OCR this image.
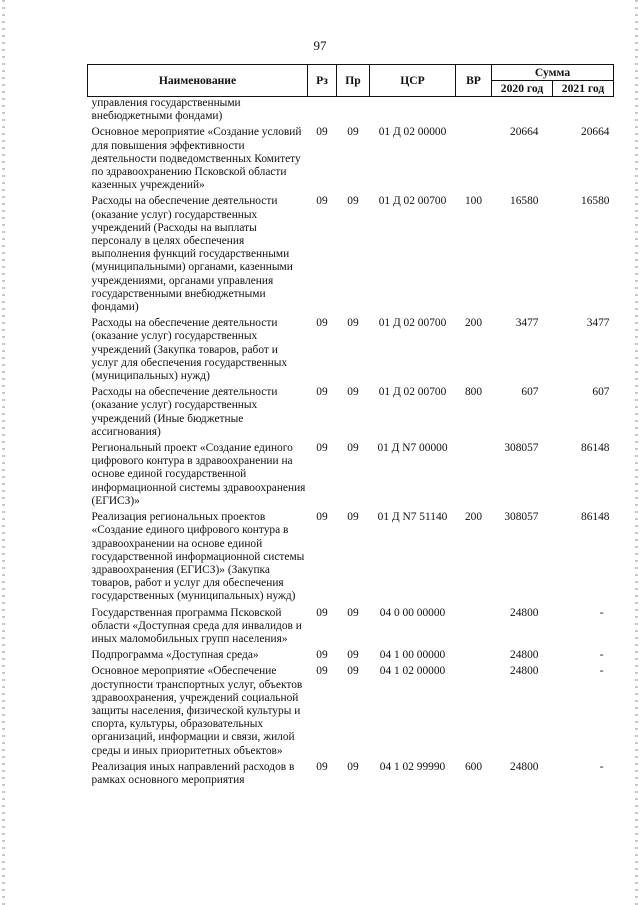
97
Наименование	Рз	Пр	ЦСР	ВР	Сумма	
					2020 год	2021 год
управления государственными внебюджетными фондами)						
Основное мероприятие «Создание условий для повышения эффективности деятельности подведомственных Комитету по здравоохранению Псковской области казенных учреждений»	09	09	01 Д 02 00000		20664	20664
Расходы на обеспечение деятельности (оказание услуг) государственных учреждений (Расходы на выплаты персоналу в целях обеспечения выполнения функций государственными (муниципальными) органами, казенными учреждениями, органами управления государственными внебюджетными фондами)	09	09	01 Д 02 00700	100	16580	16580
Расходы на обеспечение деятельности (оказание услуг) государственных учреждений (Закупка товаров, работ и услуг для обеспечения государственных (муниципальных) нужд)	09	09	01 Д 02 00700	200	3477	3477
Расходы на обеспечение деятельности (оказание услуг) государственных учреждений (Иные бюджетные ассигнования)	09	09	01 Д 02 00700	800	607	607
Региональный проект «Создание единого цифрового контура в здравоохранении на основе единой государственной информационной системы здравоохранения (ЕГИСЗ)»	09	09	01 Д N7 00000		308057	86148
Реализация региональных проектов «Создание единого цифрового контура в здравоохранении на основе единой государственной информационной системы здравоохранения (ЕГИСЗ)» (Закупка товаров, работ и услуг для обеспечения государственных (муниципальных) нужд)	09	09	01 Д N7 51140	200	308057	86148
Государственная программа Псковской области «Доступная среда для инвалидов и иных маломобильных групп населения»	09	09	04 0 00 00000		24800	-
Подпрограмма «Доступная среда»	09	09	04 1 00 00000		24800	-
Основное мероприятие «Обеспечение доступности транспортных услуг, объектов здравоохранения, учреждений социальной защиты населения, физической культуры и спорта, культуры, образовательных организаций, информации и связи, жилой среды и иных приоритетных объектов»	09	09	04 1 02 00000		24800	-
Реализация иных направлений расходов в рамках основного мероприятия	09	09	04 1 02 99990	600	24800	-
